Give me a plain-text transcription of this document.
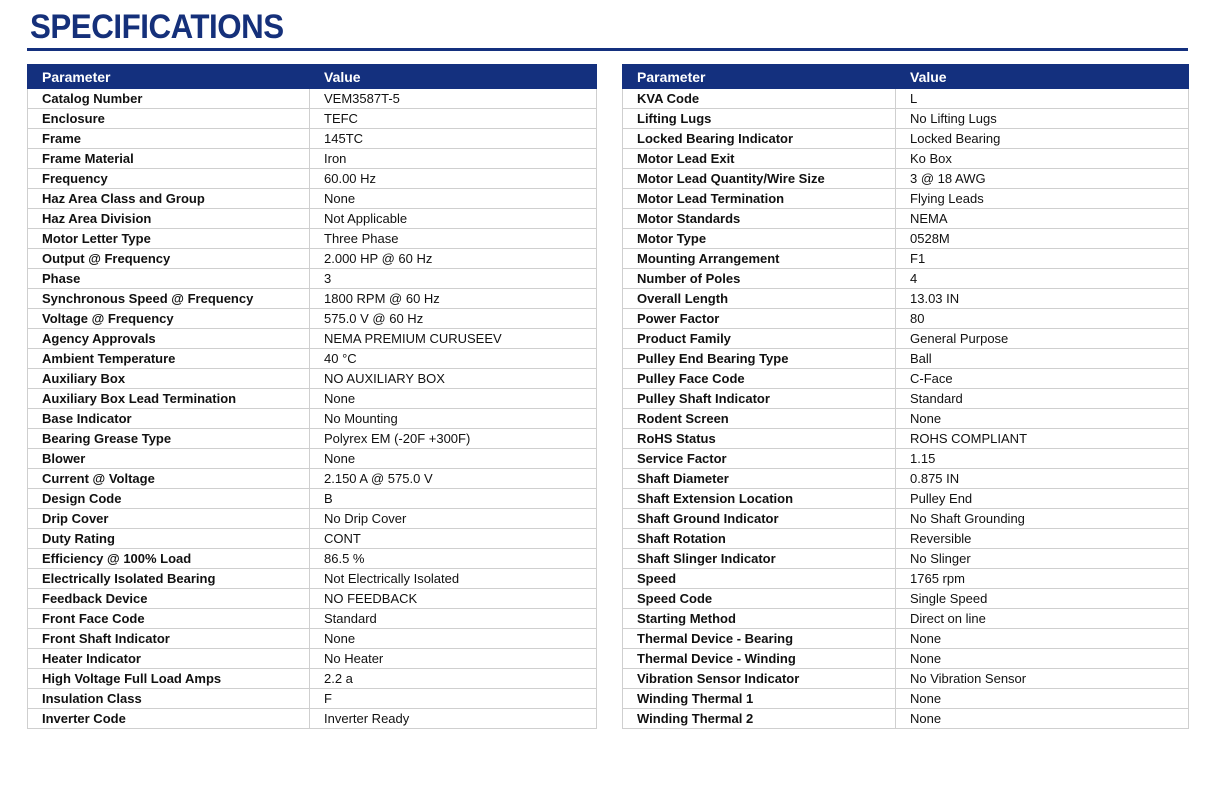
SPECIFICATIONS
Parameter	Value
Catalog Number	VEM3587T-5
Enclosure	TEFC
Frame	145TC
Frame Material	Iron
Frequency	60.00 Hz
Haz Area Class and Group	None
Haz Area Division	Not Applicable
Motor Letter Type	Three Phase
Output @ Frequency	2.000 HP @ 60 Hz
Phase	3
Synchronous Speed @ Frequency	1800 RPM @ 60 Hz
Voltage @ Frequency	575.0 V @ 60 Hz
Agency Approvals	NEMA PREMIUM CURUSEEV
Ambient Temperature	40 °C
Auxiliary Box	NO AUXILIARY BOX
Auxiliary Box Lead Termination	None
Base Indicator	No Mounting
Bearing Grease Type	Polyrex EM (-20F +300F)
Blower	None
Current @ Voltage	2.150 A @ 575.0 V
Design Code	B
Drip Cover	No Drip Cover
Duty Rating	CONT
Efficiency @ 100% Load	86.5 %
Electrically Isolated Bearing	Not Electrically Isolated
Feedback Device	NO FEEDBACK
Front Face Code	Standard
Front Shaft Indicator	None
Heater Indicator	No Heater
High Voltage Full Load Amps	2.2 a
Insulation Class	F
Inverter Code	Inverter Ready
Parameter	Value
KVA Code	L
Lifting Lugs	No Lifting Lugs
Locked Bearing Indicator	Locked Bearing
Motor Lead Exit	Ko Box
Motor Lead Quantity/Wire Size	3 @ 18 AWG
Motor Lead Termination	Flying Leads
Motor Standards	NEMA
Motor Type	0528M
Mounting Arrangement	F1
Number of Poles	4
Overall Length	13.03 IN
Power Factor	80
Product Family	General Purpose
Pulley End Bearing Type	Ball
Pulley Face Code	C-Face
Pulley Shaft Indicator	Standard
Rodent Screen	None
RoHS Status	ROHS COMPLIANT
Service Factor	1.15
Shaft Diameter	0.875 IN
Shaft Extension Location	Pulley End
Shaft Ground Indicator	No Shaft Grounding
Shaft Rotation	Reversible
Shaft Slinger Indicator	No Slinger
Speed	1765 rpm
Speed Code	Single Speed
Starting Method	Direct on line
Thermal Device - Bearing	None
Thermal Device - Winding	None
Vibration Sensor Indicator	No Vibration Sensor
Winding Thermal 1	None
Winding Thermal 2	None
